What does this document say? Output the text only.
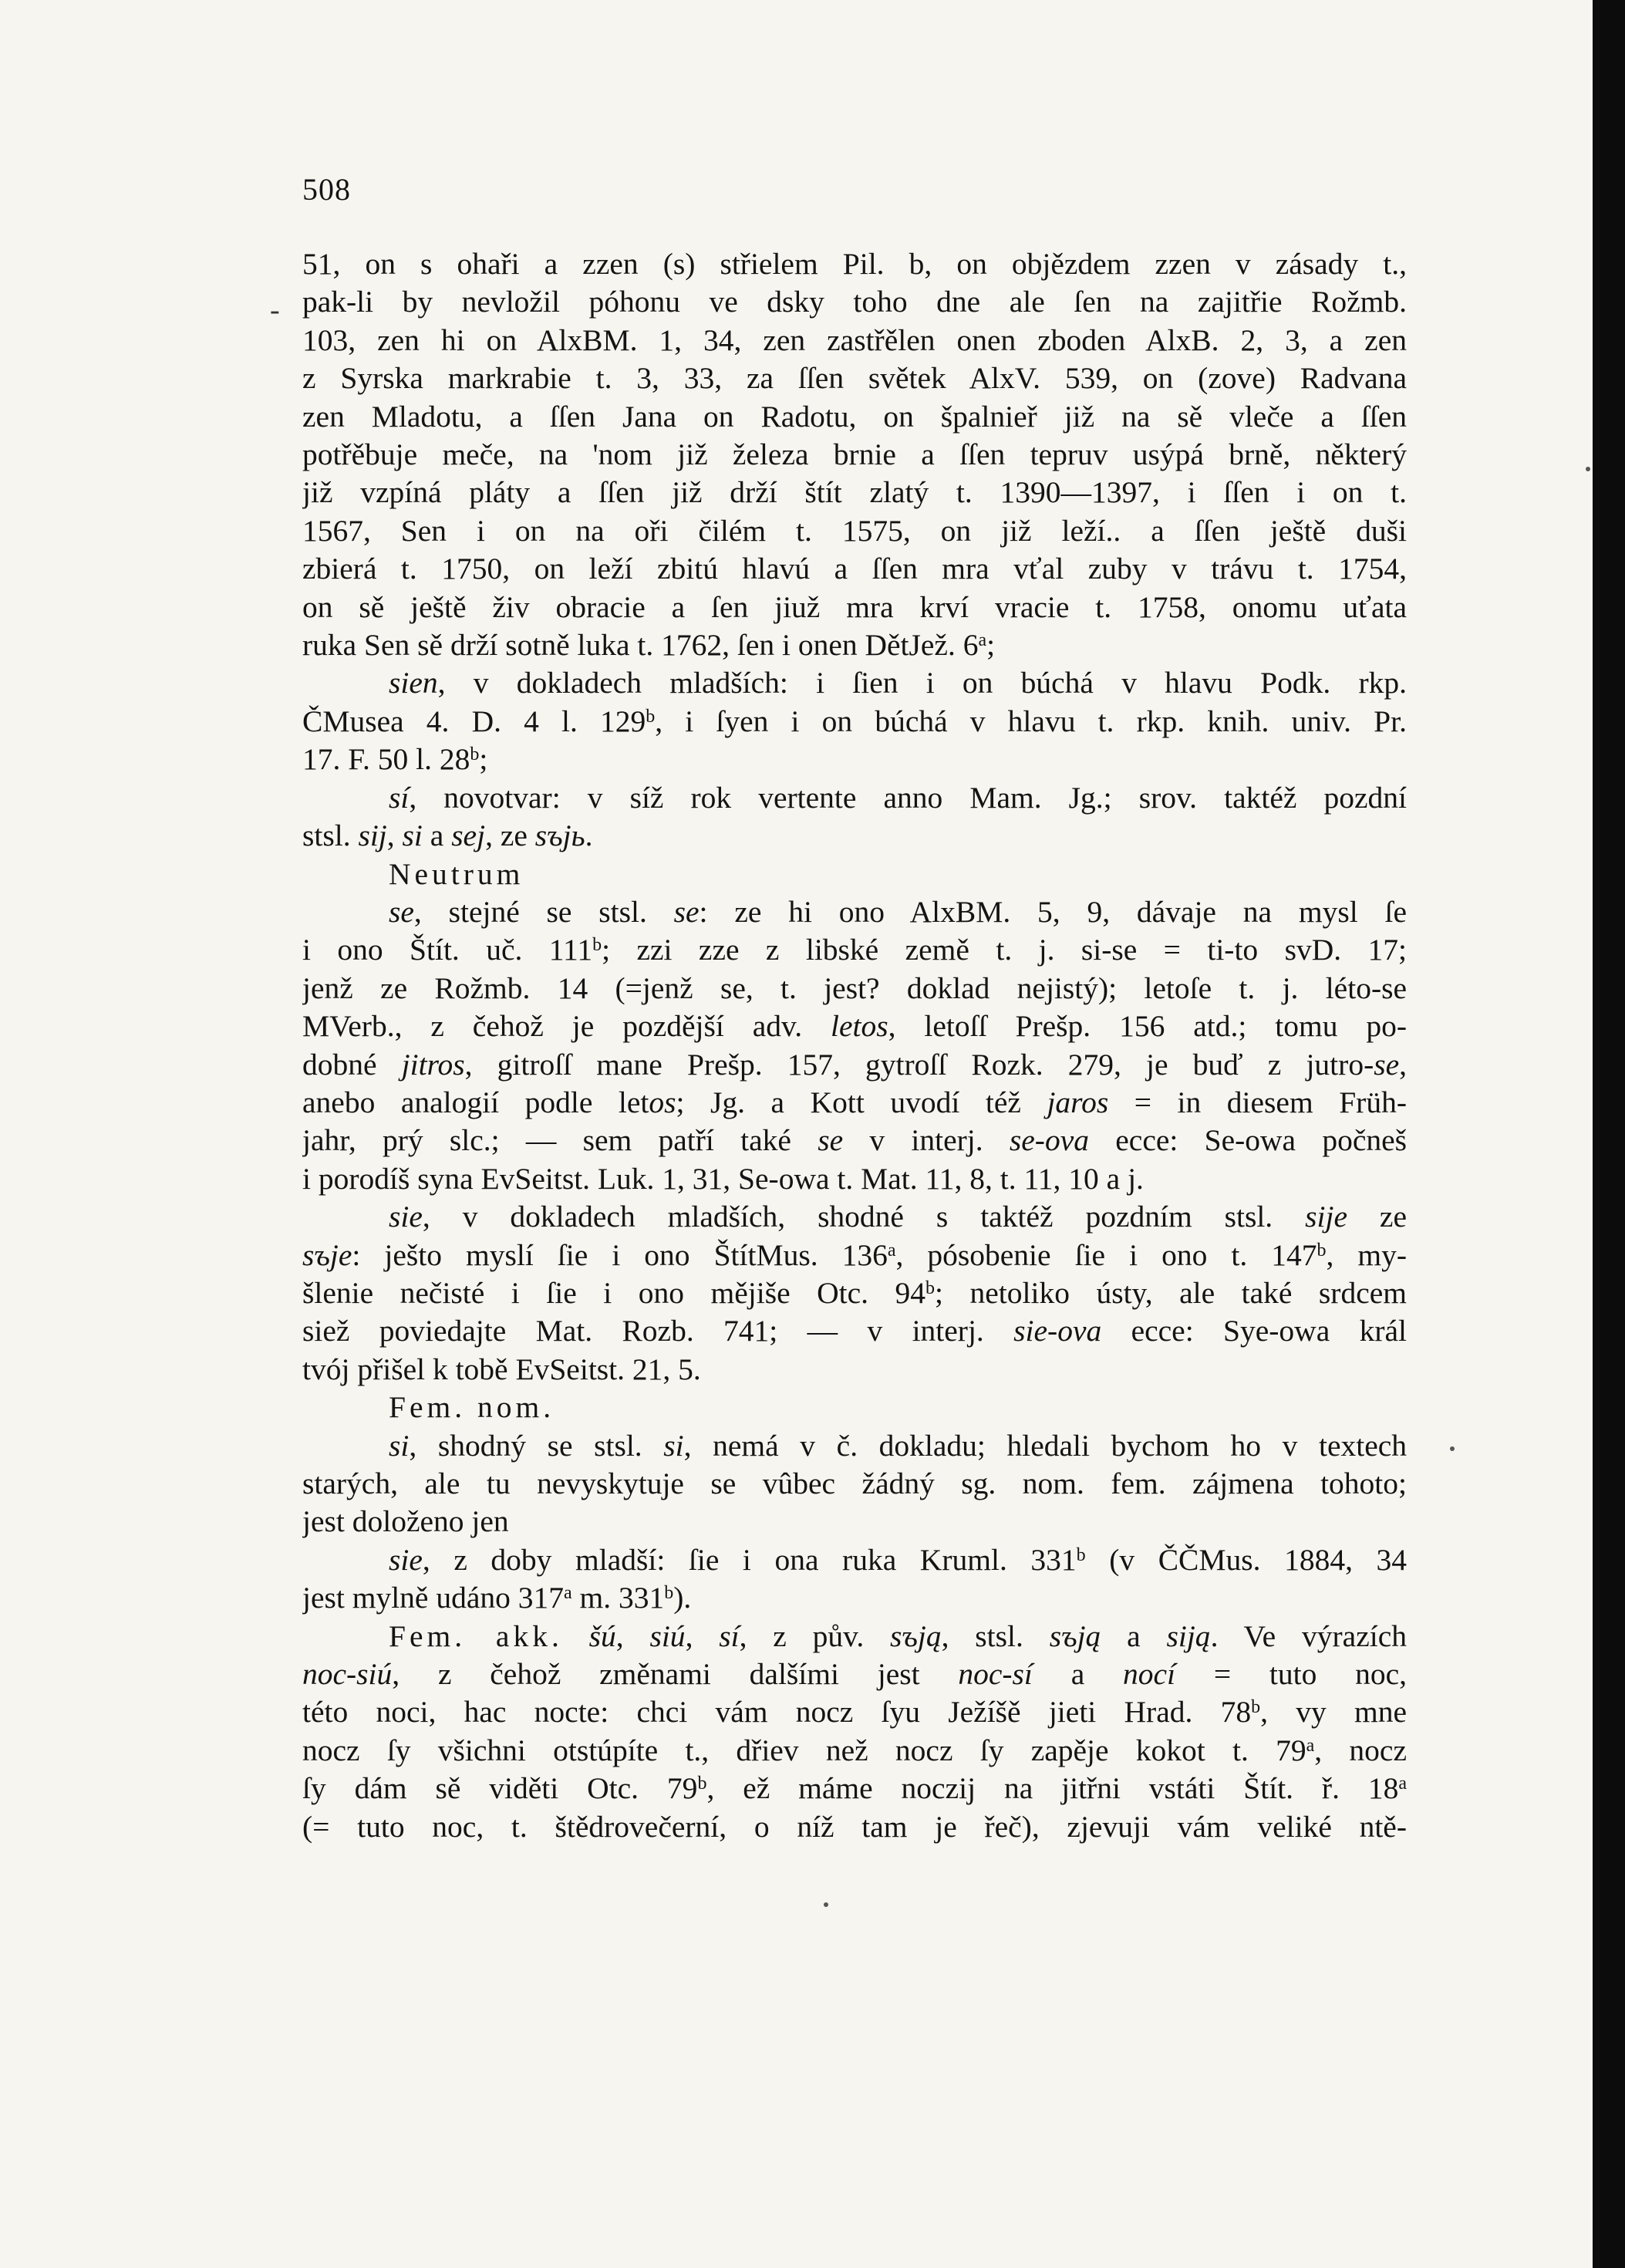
-
508
51, on s ohaři a zzen (s) střielem Pil. b, on objězdem zzen v zásady t.,
pak-li by nevložil póhonu ve dsky toho dne ale ſen na zajitřie Rožmb.
103, zen hi on AlxBM. 1, 34, zen zastřělen onen zboden AlxB. 2, 3, a zen
z Syrska markrabie t. 3, 33, za ſſen světek AlxV. 539, on (zove) Radvana
zen Mladotu, a ſſen Jana on Radotu, on špalnieř již na sě vleče a ſſen
potřěbuje meče, na 'nom již železa brnie a ſſen tepruv usýpá brně, některý
již vzpíná pláty a ſſen již drží štít zlatý t. 1390—1397, i ſſen i on t.
1567, Sen i on na oři čilém t. 1575, on již leží.. a ſſen ještě duši
zbierá t. 1750, on leží zbitú hlavú a ſſen mra vťal zuby v trávu t. 1754,
on sě ještě živ obracie a ſen jiuž mra krví vracie t. 1758, onomu uťata
ruka Sen sě drží sotně luka t. 1762, ſen i onen DětJež. 6$^a$;
sien, v dokladech mladších: i ſien i on búchá v hlavu Podk. rkp.
ČMusea 4. D. 4 l. 129$^b$, i ſyen i on búchá v hlavu t. rkp. knih. univ. Pr.
17. F. 50 l. 28$^b$;
sí, novotvar: v síž rok vertente anno Mam. Jg.; srov. taktéž pozdní
stsl. sij, si a sej, ze sъjь.
Neutrum
se, stejné se stsl. se: ze hi ono AlxBM. 5, 9, dávaje na mysl ſe
i ono Štít. uč. 111$^b$; zzi zze z libské země t. j. si-se = ti-to svD. 17;
jenž ze Rožmb. 14 (=jenž se, t. jest? doklad nejistý); letoſe t. j. léto-se
MVerb., z čehož je pozdější adv. letos, letoſſ Prešp. 156 atd.; tomu po-
dobné jitros, gitroſſ mane Prešp. 157, gytroſſ Rozk. 279, je buď z jutro-se,
anebo analogií podle letos; Jg. a Kott uvodí též jaros = in diesem Früh-
jahr, prý slc.; — sem patří také se v interj. se-ova ecce: Se-owa počneš
i porodíš syna EvSeitst. Luk. 1, 31, Se-owa t. Mat. 11, 8, t. 11, 10 a j.
sie, v dokladech mladších, shodné s taktéž pozdním stsl. sije ze
sъje: ješto myslí ſie i ono ŠtítMus. 136$^a$, pósobenie ſie i ono t. 147$^b$, my-
šlenie nečisté i ſie i ono mějiše Otc. 94$^b$; netoliko ústy, ale také srdcem
siež poviedajte Mat. Rozb. 741; — v interj. sie-ova ecce: Sye-owa král
tvój přišel k tobě EvSeitst. 21, 5.
Fem. nom.
si, shodný se stsl. si, nemá v č. dokladu; hledali bychom ho v textech
starých, ale tu nevyskytuje se vûbec žádný sg. nom. fem. zájmena tohoto;
jest doloženo jen
sie, z doby mladší: ſie i ona ruka Kruml. 331$^b$ (v ČČMus. 1884, 34
jest mylně udáno 317$^a$ m. 331$^b$).
Fem. akk. šú, siú, sí, z pův. sъją, stsl. sъją a siją. Ve výrazích
noc-siú, z čehož změnami dalšími jest noc-sí a nocí = tuto noc,
této noci, hac nocte: chci vám nocz ſyu Ježíšě jieti Hrad. 78$^b$, vy mne
nocz ſy všichni otstúpíte t., dřiev než nocz ſy zapěje kokot t. 79$^a$, nocz
ſy dám sě viděti Otc. 79$^b$, ež máme noczij na jitřni vstáti Štít. ř. 18$^a$
(= tuto noc, t. štědrovečerní, o níž tam je řeč), zjevuji vám veliké ntě-
